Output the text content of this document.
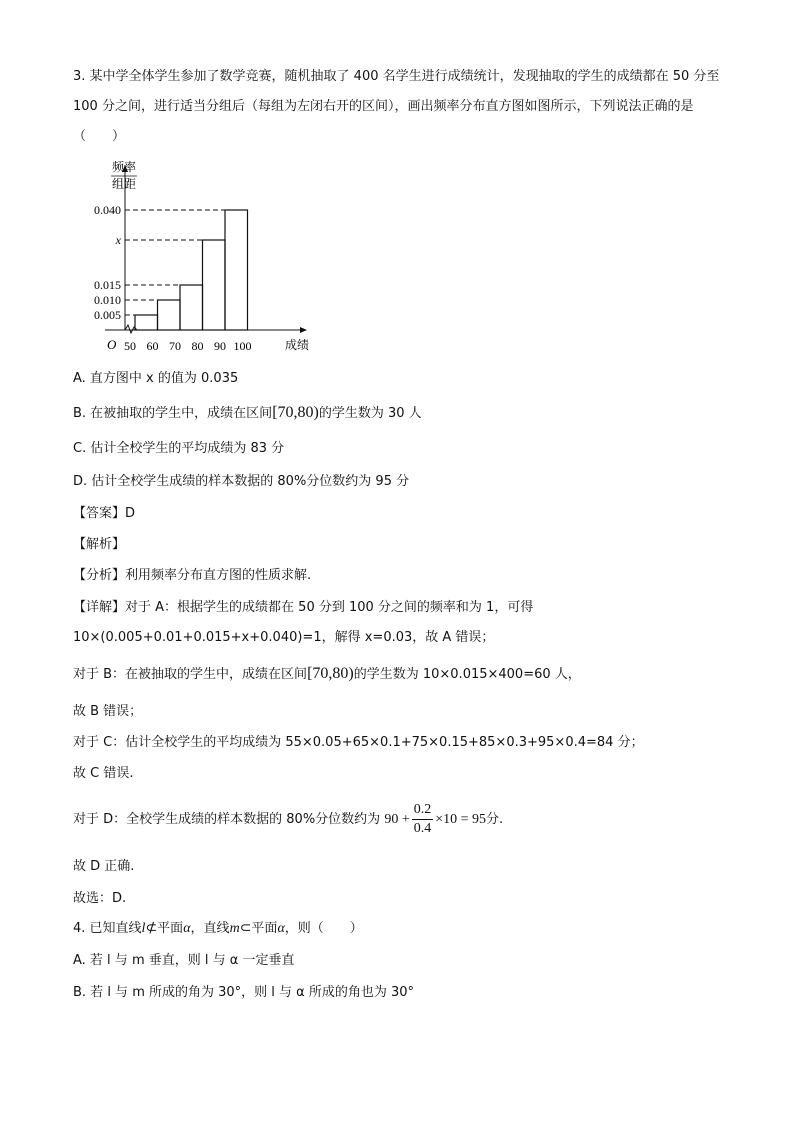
3. 某中学全体学生参加了数学竞赛，随机抽取了 400 名学生进行成绩统计，发现抽取的学生的成绩都在 50 分至 100 分之间，进行适当分组后（每组为左闭右开的区间），画出频率分布直方图如图所示，下列说法正确的是（　　）
0.005
0.010
0.015
x
0.040
50 60 70 80 90 100
频率
组距
成绩
O
A. 直方图中 x 的值为 0.035
B. 在被抽取的学生中，成绩在区间[70,80)的学生数为 30 人
C. 估计全校学生的平均成绩为 83 分
D. 估计全校学生成绩的样本数据的 80%分位数约为 95 分
【答案】D
【解析】
【分析】利用频率分布直方图的性质求解.
【详解】对于 A：根据学生的成绩都在 50 分到 100 分之间的频率和为 1，可得
10×(0.005+0.01+0.015+x+0.040)=1，解得 x=0.03，故 A 错误；
对于 B：在被抽取的学生中，成绩在区间[70,80)的学生数为 10×0.015×400=60 人，
故 B 错误；
对于 C：估计全校学生的平均成绩为 55×0.05+65×0.1+75×0.15+85×0.3+95×0.4=84 分；
故 C 错误.
对于 D：全校学生成绩的样本数据的 80%分位数约为 $90 + \frac{0.2}{0.4} \times 10 = 95$分.
故 D 正确.
故选：D.
4. 已知直线l⊄平面α，直线m⊂平面α，则（　　）
A. 若 l 与 m 垂直，则 l 与 α 一定垂直
B. 若 l 与 m 所成的角为 30°，则 l 与 α 所成的角也为 30°
